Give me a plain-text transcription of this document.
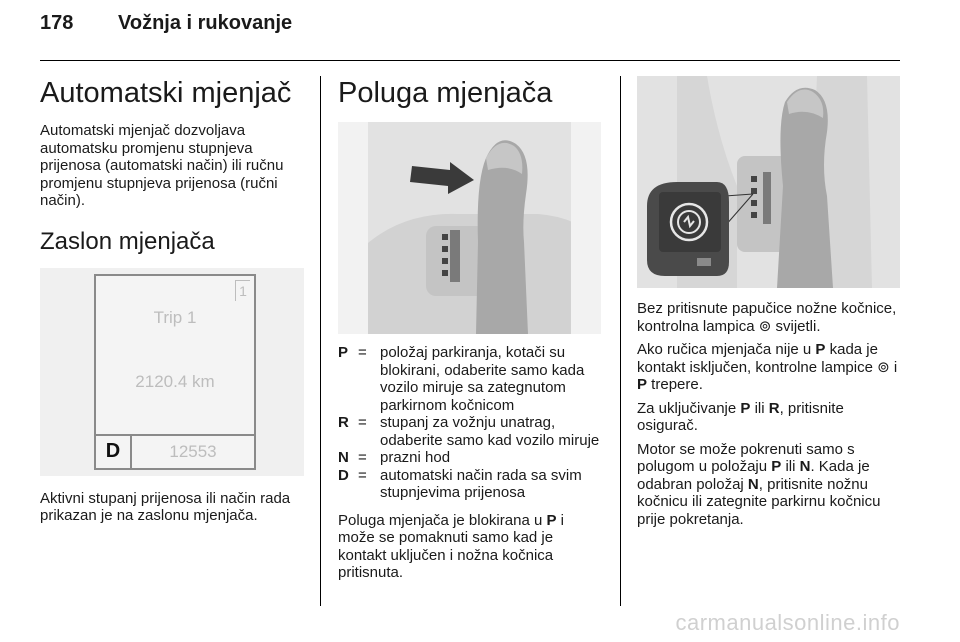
178 Vožnja i rukovanje
Automatski mjenjač

Automatski mjenjač dozvoljava automatsku promjenu stupnjeva prijenosa (automatski način) ili ručnu promjenu stupnjeva prijenosa (ručni način).

Zaslon mjenjača
1
Trip 1
2120.4 km
D	12553

Aktivni stupanj prijenosa ili način rada prikazan je na zaslonu mjenjača.

Poluga mjenjača
P = položaj parkiranja, kotači su blokirani, odaberite samo kada vozilo miruje sa zategnutom parkirnom kočnicom
R = stupanj za vožnju unatrag, odaberite samo kad vozilo miruje
N = prazni hod
D = automatski način rada sa svim stupnjevima prijenosa

Poluga mjenjača je blokirana u P i može se pomaknuti samo kad je kontakt uključen i nožna kočnica pritisnuta.

Bez pritisnute papučice nožne kočnice, kontrolna lampica ⊚ svijetli.

Ako ručica mjenjača nije u P kada je kontakt isključen, kontrolne lampice ⊚ i P trepere.

Za uključivanje P ili R, pritisnite osigurač.

Motor se može pokrenuti samo s polugom u položaju P ili N. Kada je odabran položaj N, pritisnite nožnu kočnicu ili zategnite parkirnu kočnicu prije pokretanja.

carmanualsonline.info
